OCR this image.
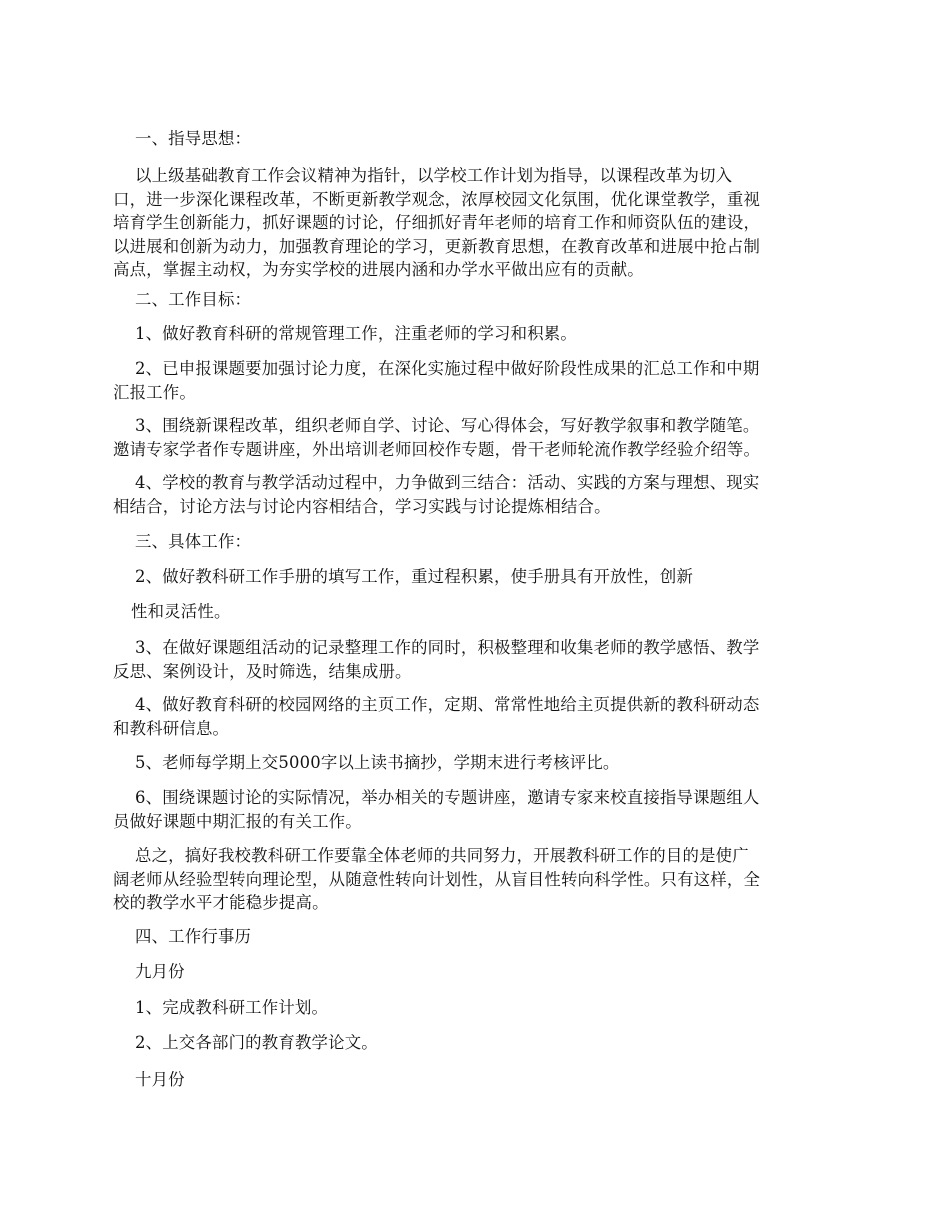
一、指导思想：

以上级基础教育工作会议精神为指针，以学校工作计划为指导，以课程改革为切入
口，进一步深化课程改革，不断更新教学观念，浓厚校园文化氛围，优化课堂教学，重视
培育学生创新能力，抓好课题的讨论，仔细抓好青年老师的培育工作和师资队伍的建设，
以进展和创新为动力，加强教育理论的学习，更新教育思想，在教育改革和进展中抢占制
高点，掌握主动权，为夯实学校的进展内涵和办学水平做出应有的贡献。

二、工作目标：

1、做好教育科研的常规管理工作，注重老师的学习和积累。

2、已申报课题要加强讨论力度，在深化实施过程中做好阶段性成果的汇总工作和中期
汇报工作。

3、围绕新课程改革，组织老师自学、讨论、写心得体会，写好教学叙事和教学随笔。
邀请专家学者作专题讲座，外出培训老师回校作专题，骨干老师轮流作教学经验介绍等。

4、学校的教育与教学活动过程中，力争做到三结合：活动、实践的方案与理想、现实
相结合，讨论方法与讨论内容相结合，学习实践与讨论提炼相结合。

三、具体工作：

2、做好教科研工作手册的填写工作，重过程积累，使手册具有开放性，创新

性和灵活性。

3、在做好课题组活动的记录整理工作的同时，积极整理和收集老师的教学感悟、教学
反思、案例设计，及时筛选，结集成册。

4、做好教育科研的校园网络的主页工作，定期、常常性地给主页提供新的教科研动态
和教科研信息。

5、老师每学期上交5000字以上读书摘抄，学期末进行考核评比。

6、围绕课题讨论的实际情况，举办相关的专题讲座，邀请专家来校直接指导课题组人
员做好课题中期汇报的有关工作。

总之，搞好我校教科研工作要靠全体老师的共同努力，开展教科研工作的目的是使广
阔老师从经验型转向理论型，从随意性转向计划性，从盲目性转向科学性。只有这样，全
校的教学水平才能稳步提高。

四、工作行事历

九月份

1、完成教科研工作计划。

2、上交各部门的教育教学论文。

十月份
